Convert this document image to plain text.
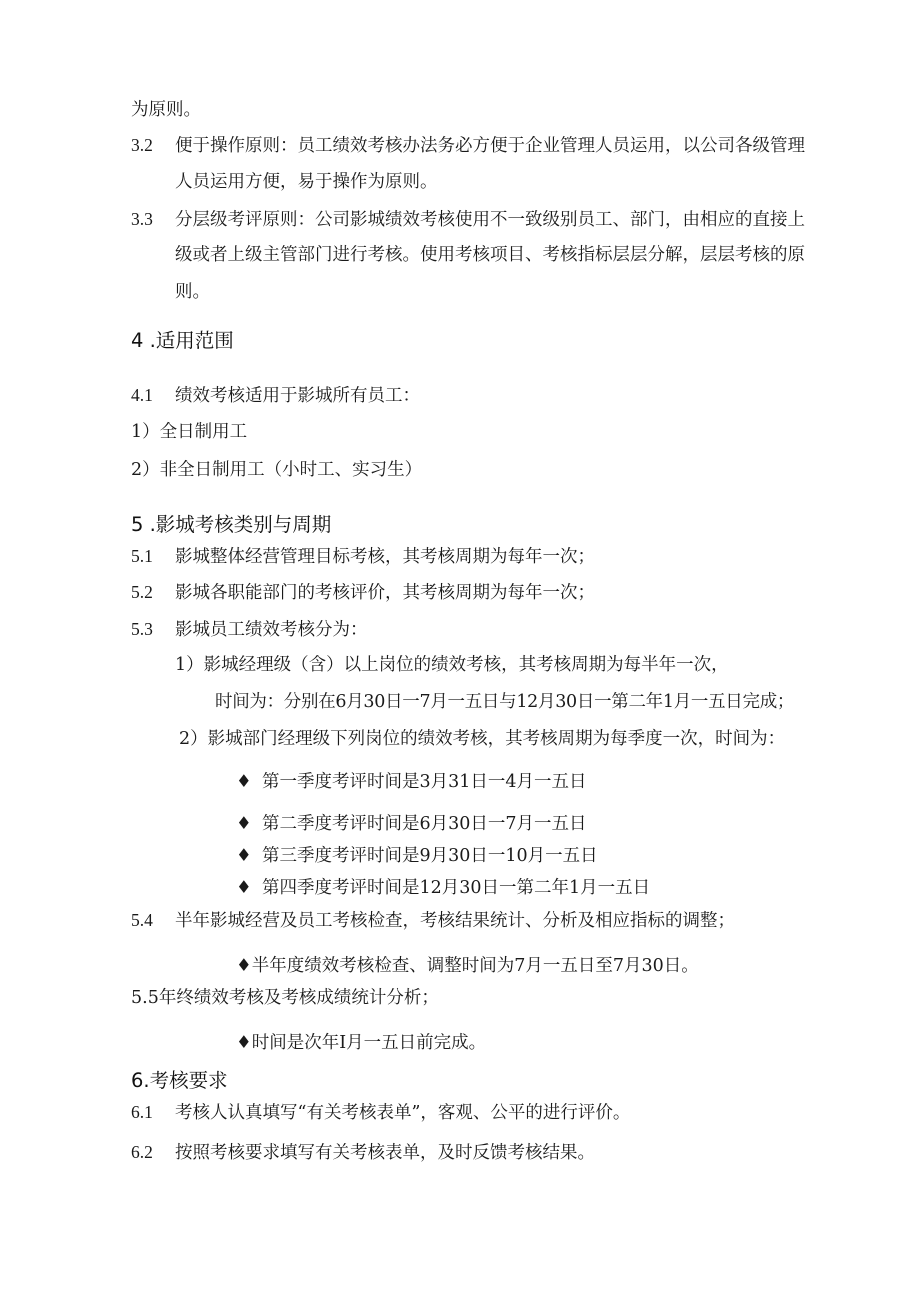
为原则。
3.2 便于操作原则：员工绩效考核办法务必方便于企业管理人员运用，以公司各级管理
人员运用方便，易于操作为原则。
3.3 分层级考评原则：公司影城绩效考核使用不一致级别员工、部门，由相应的直接上
级或者上级主管部门进行考核。使用考核项目、考核指标层层分解，层层考核的原
则。
4 .适用范围
4.1 绩效考核适用于影城所有员工：
1）全日制用工
2）非全日制用工（小时工、实习生）
5 .影城考核类别与周期
5.1 影城整体经营管理目标考核，其考核周期为每年一次；
5.2 影城各职能部门的考核评价，其考核周期为每年一次；
5.3 影城员工绩效考核分为：
1）影城经理级（含）以上岗位的绩效考核，其考核周期为每半年一次，
时间为：分别在6月30日一7月一五日与12月30日一第二年1月一五日完成；
2）影城部门经理级下列岗位的绩效考核，其考核周期为每季度一次，时间为：
♦ 第一季度考评时间是3月31日一4月一五日
♦ 第二季度考评时间是6月30日一7月一五日
♦ 第三季度考评时间是9月30日一10月一五日
♦ 第四季度考评时间是12月30日一第二年1月一五日
5.4 半年影城经营及员工考核检查，考核结果统计、分析及相应指标的调整；
♦半年度绩效考核检查、调整时间为7月一五日至7月30日。
5.5年终绩效考核及考核成绩统计分析；
♦时间是次年I月一五日前完成。
6.考核要求
6.1 考核人认真填写“有关考核表单”，客观、公平的进行评价。
6.2 按照考核要求填写有关考核表单，及时反馈考核结果。
